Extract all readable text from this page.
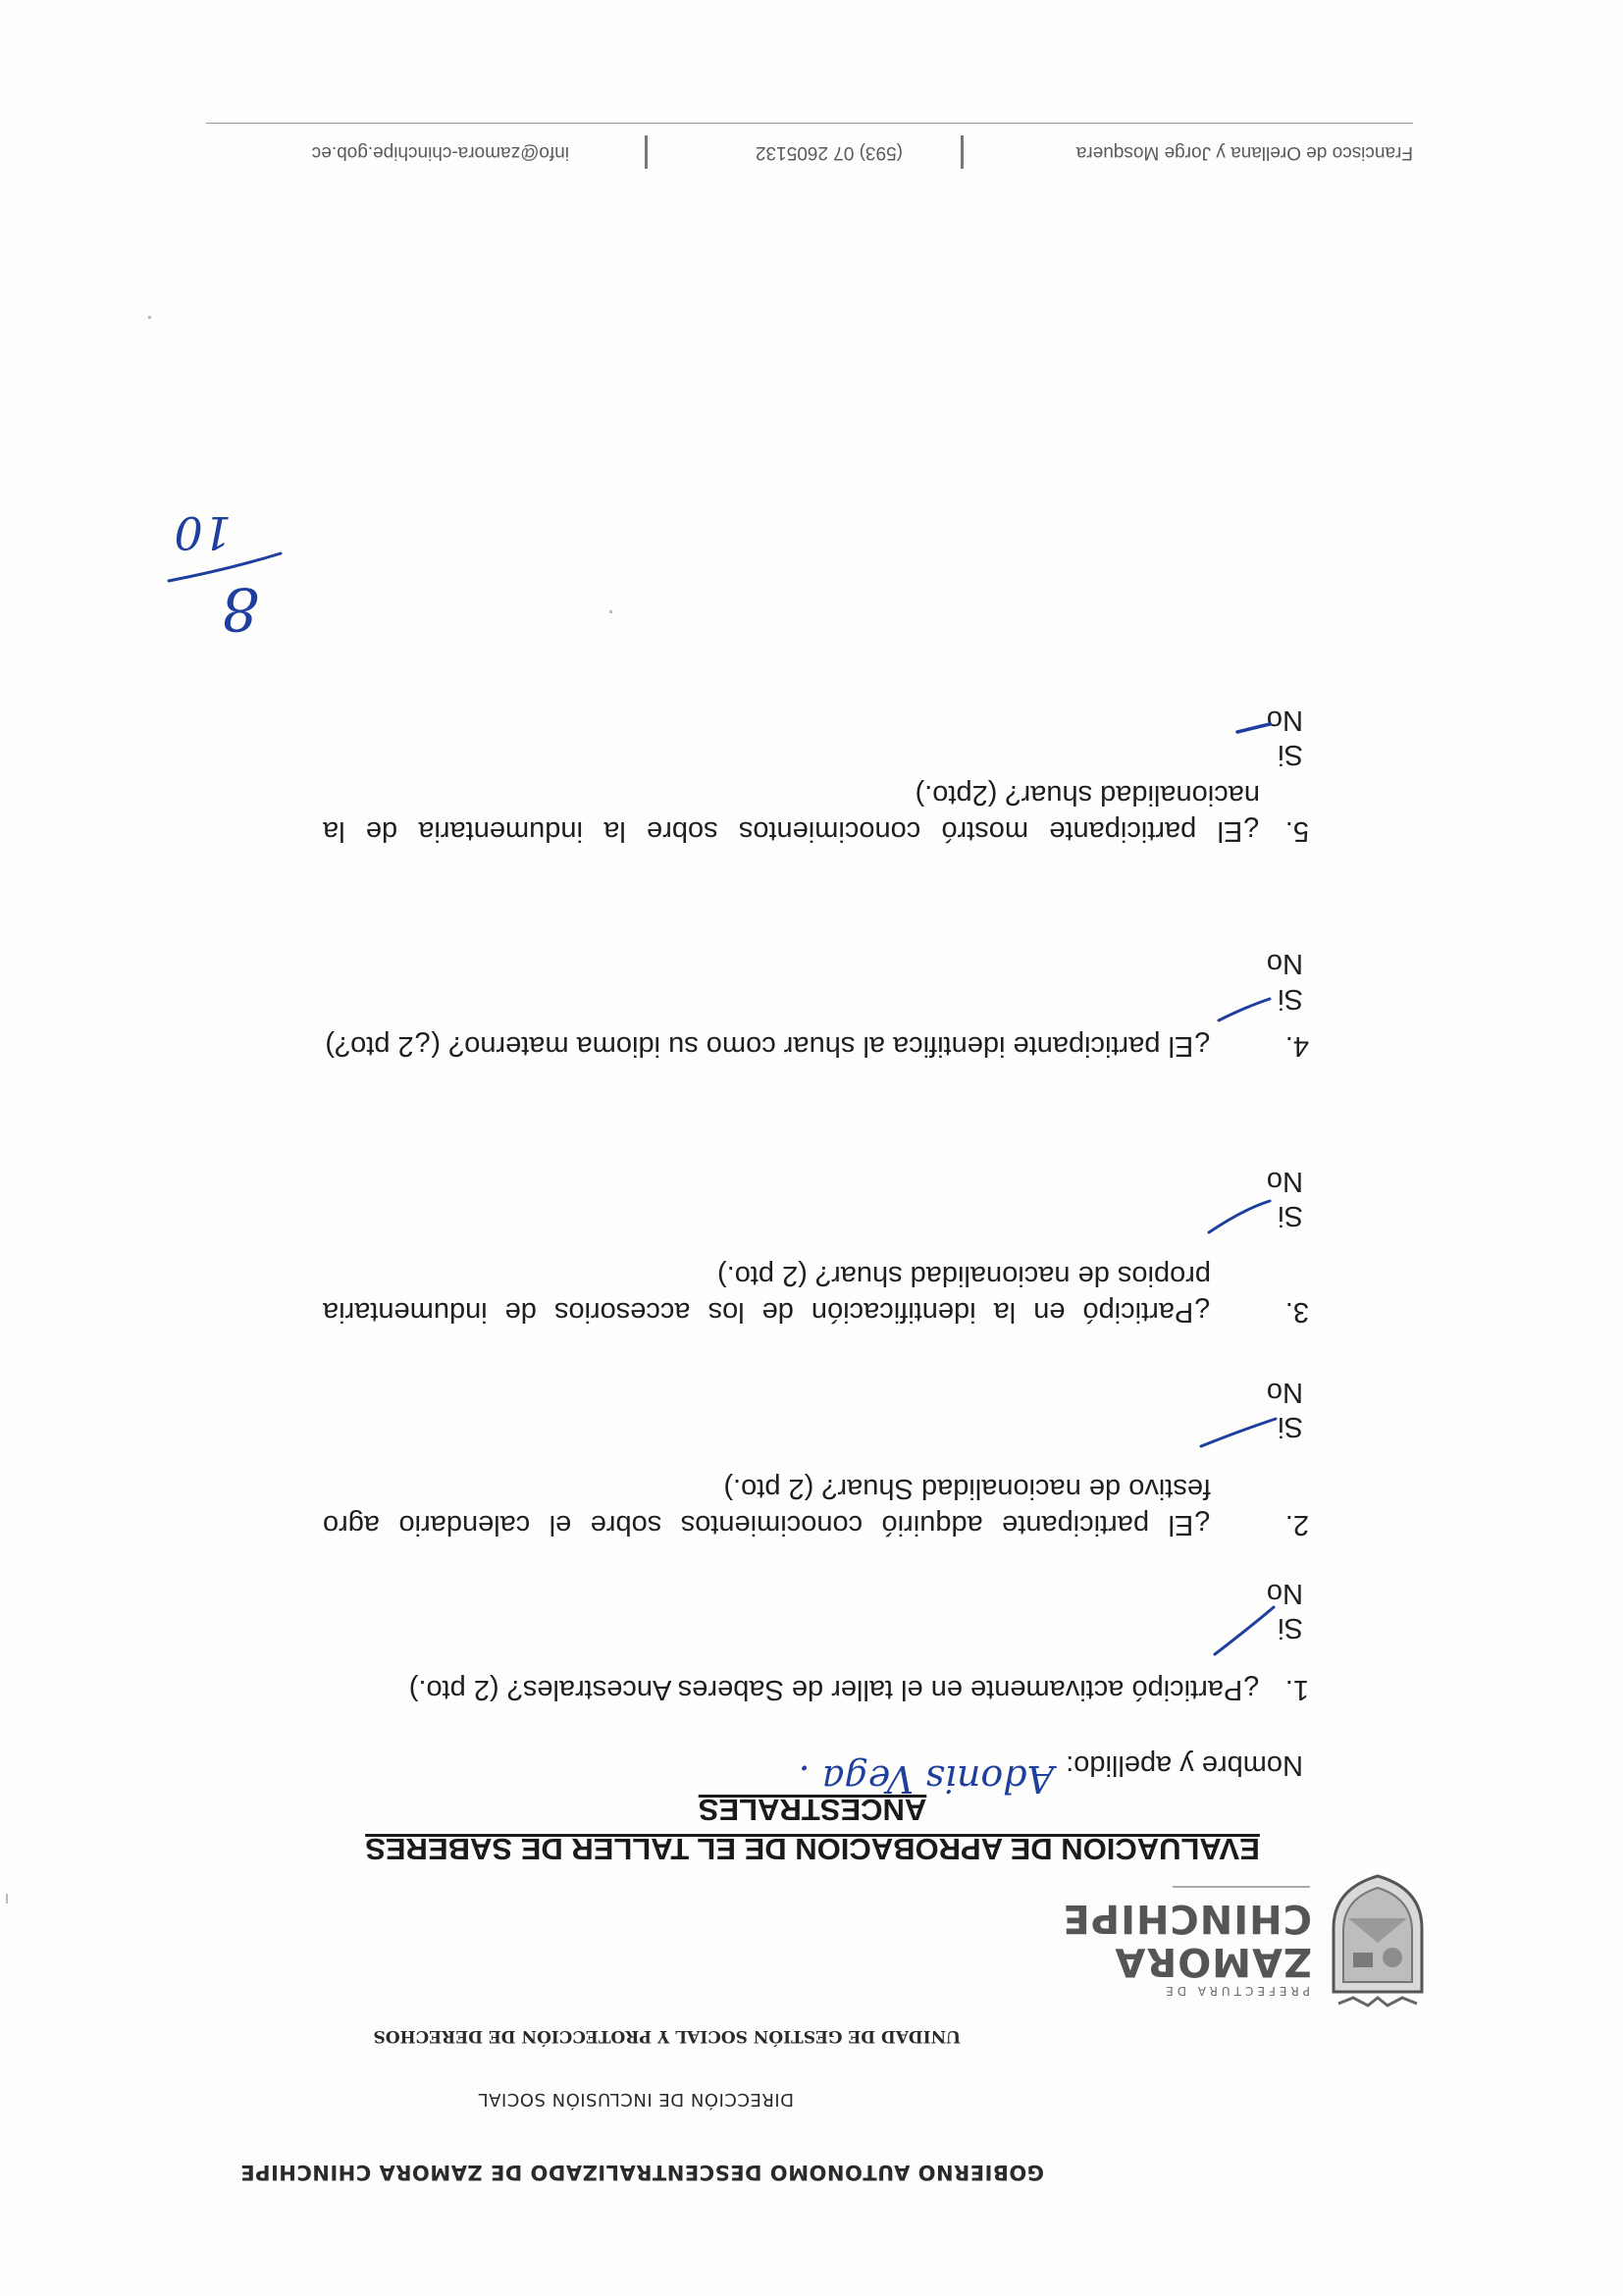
GOBIERNO AUTONOMO DESCENTRALIZADO DE ZAMORA CHINCHIPE
PREFECTURA DE
ZAMORA
CHINCHIPE
DIRECCIÓN DE INCLUSIÓN SOCIAL
UNIDAD DE GESTIÓN SOCIAL Y PROTECCIÓN DE DERECHOS
EVALUACION DE APROBACION DE EL TALLER DE SABERES ANCESTRALES
Nombre y apellido:
Adonis Vega .
1.
¿Participó activamente en el taller de Saberes Ancestrales? (2 pto.)
Si
No
2.
¿El participante adquirió conocimientos sobre el calendario agro festivo de nacionalidad Shuar? (2 pto.)
Si
No
3.
¿Participó en la identificación de los accesorios de indumentaria propios de nacionalidad shuar? (2 pto.)
Si
No
4.
¿El participante identifica al shuar como su idioma materno? (¿2 pto?)
Si
No
5.
¿El participante mostró conocimientos sobre la indumentaria de la nacionalidad shuar? (2pto.)
Si
No
8
10
Francisco de Orellana y Jorge Mosquera
(593) 07 2605132
info@zamora-chinchipe.gob.ec
